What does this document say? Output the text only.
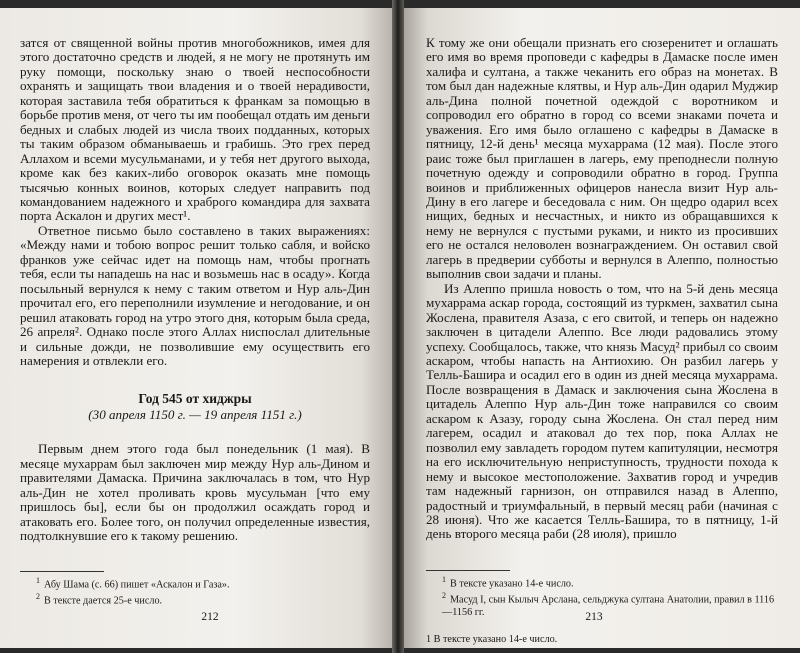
затся от священной войны против многобожников, имея для этого достаточно средств и людей, я не могу не протянуть им руку помощи, поскольку знаю о твоей неспособности охранять и защищать твои владения и о твоей нерадивости, которая заставила тебя обратиться к франкам за помощью в борьбе против меня, от чего ты им пообещал отдать им деньги бедных и слабых людей из числа твоих подданных, которых ты таким образом обманываешь и грабишь. Это грех перед Аллахом и всеми мусульманами, и у тебя нет другого выхода, кроме как без каких-либо оговорок оказать мне помощь тысячью конных воинов, которых следует направить под командованием надежного и храброго командира для захвата порта Аскалон и других мест¹.

Ответное письмо было составлено в таких выражениях: «Между нами и тобою вопрос решит только сабля, и войско франков уже сейчас идет на помощь нам, чтобы прогнать тебя, если ты нападешь на нас и возьмешь нас в осаду». Когда посыльный вернулся к нему с таким ответом и Нур аль-Дин прочитал его, его переполнили изумление и негодование, и он решил атаковать город на утро этого дня, которым была среда, 26 апреля². Однако после этого Аллах ниспослал длительные и сильные дожди, не позволившие ему осуществить его намерения и отвлекли его.

Год 545 от хиджры
(30 апреля 1150 г. — 19 апреля 1151 г.)

Первым днем этого года был понедельник (1 мая). В месяце мухаррам был заключен мир между Нур аль-Дином и правителями Дамаска. Причина заключалась в том, что Нур аль-Дин не хотел проливать кровь мусульман [что ему пришлось бы], если бы он продолжил осаждать город и атаковать его. Более того, он получил определенные известия, подтолкнувшие его к такому решению.

$^1$ Абу Шама (с. 66) пишет «Аскалон и Газа».
$^2$ В тексте дается 25-е число.
212

К тому же они обещали признать его сюзеренитет и оглашать его имя во время проповеди с кафедры в Дамаске после имен халифа и султана, а также чеканить его образ на монетах. В том был дан надежные клятвы, и Нур аль-Дин одарил Муджир аль-Дина полной почетной одеждой с воротником и сопроводил его обратно в город со всеми знаками почета и уважения. Его имя было оглашено с кафедры в Дамаске в пятницу, 12-й день¹ месяца мухаррама (12 мая). После этого раис тоже был приглашен в лагерь, ему преподнесли полную почетную одежду и сопроводили обратно в город. Группа воинов и приближенных офицеров нанесла визит Нур аль-Дину в его лагере и беседовала с ним. Он щедро одарил всех нищих, бедных и несчастных, и никто из обращавшихся к нему не вернулся с пустыми руками, и никто из просивших его не остался неловолен вознаграждением. Он оставил свой лагерь в предверии субботы и вернулся в Алеппо, полностью выполнив свои задачи и планы.

Из Алеппо пришла новость о том, что на 5-й день месяца мухаррама аскар города, состоящий из туркмен, захватил сына Жослена, правителя Азаза, с его свитой, и теперь он надежно заключен в цитадели Алеппо. Все люди радовались этому успеху. Сообщалось, также, что князь Масуд² прибыл со своим аскаром, чтобы напасть на Антиохию. Он разбил лагерь у Телль-Башира и осадил его в один из дней месяца мухаррама. После возвращения в Дамаск и заключения сына Жослена в цитадель Алеппо Нур аль-Дин тоже направился со своим аскаром к Азазу, городу сына Жослена. Он стал перед ним лагерем, осадил и атаковал до тех пор, пока Аллах не позволил ему завладеть городом путем капитуляции, несмотря на его исключительную неприступность, трудности похода к нему и высокое местоположение. Захватив город и учредив там надежный гарнизон, он отправился назад в Алеппо, радостный и триумфальный, в первый месяц раби (начиная с 28 июня). Что же касается Телль-Башира, то в пятницу, 1-й день второго месяца раби (28 июля), пришло

$^1$ В тексте указано 14-е число.
$^2$ Масуд I, сын Кылыч Арслана, сельджука султана Анатолии, правил в 1116—1156 гг.	213
1 В тексте указано 14-е число.
